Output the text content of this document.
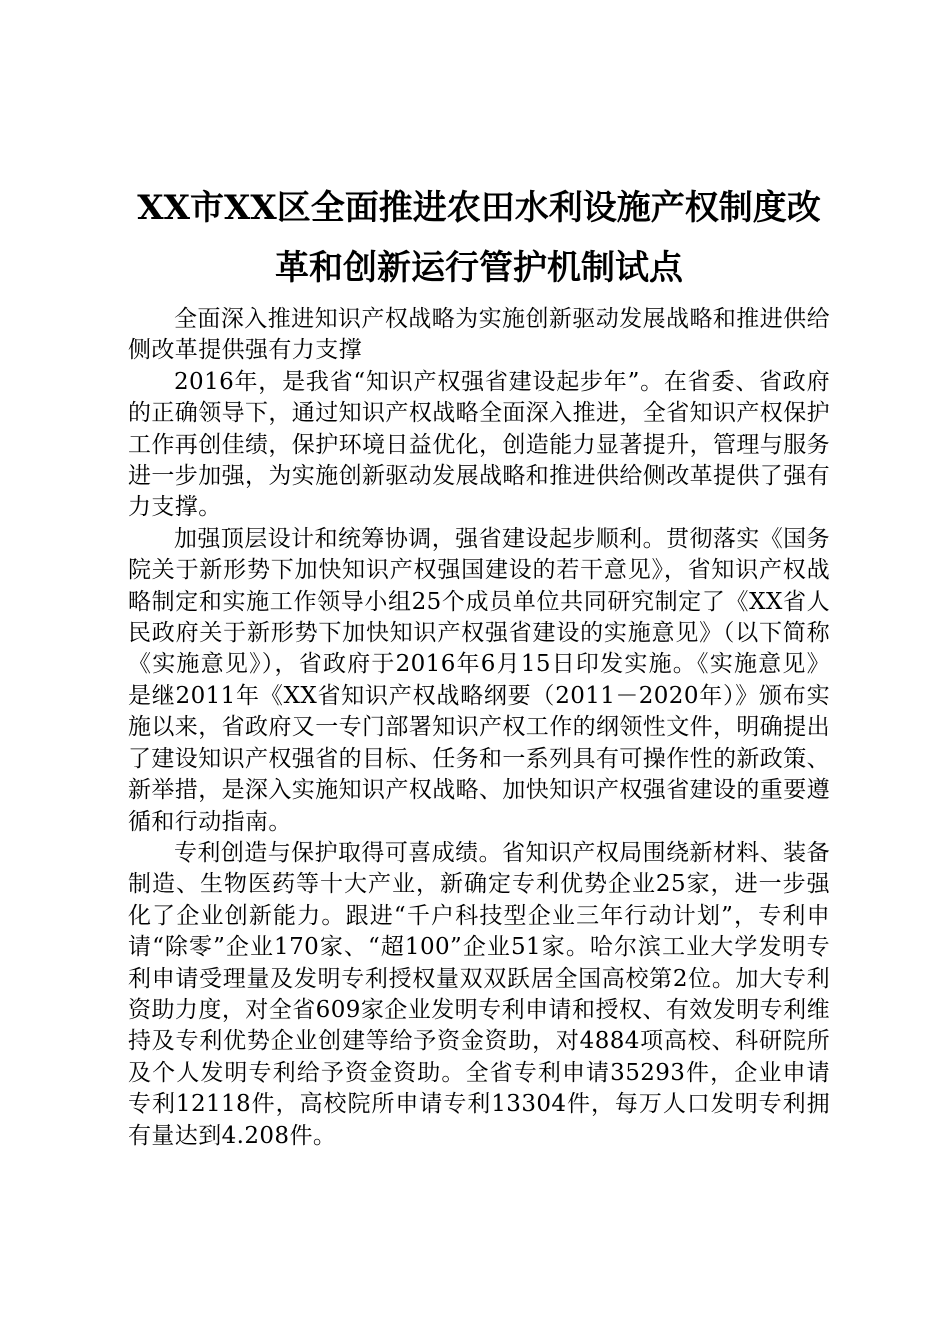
XX市XX区全面推进农田水利设施产权制度改
革和创新运行管护机制试点

全面深入推进知识产权战略为实施创新驱动发展战略和推进供给侧改革提供强有力支撑

2016年，是我省“知识产权强省建设起步年”。在省委、省政府的正确领导下，通过知识产权战略全面深入推进，全省知识产权保护工作再创佳绩，保护环境日益优化，创造能力显著提升，管理与服务进一步加强，为实施创新驱动发展战略和推进供给侧改革提供了强有力支撑。

加强顶层设计和统筹协调，强省建设起步顺利。贯彻落实《国务院关于新形势下加快知识产权强国建设的若干意见》，省知识产权战略制定和实施工作领导小组25个成员单位共同研究制定了《XX省人民政府关于新形势下加快知识产权强省建设的实施意见》（以下简称《实施意见》），省政府于2016年6月15日印发实施。《实施意见》是继2011年《XX省知识产权战略纲要（2011－2020年）》颁布实施以来，省政府又一专门部署知识产权工作的纲领性文件，明确提出了建设知识产权强省的目标、任务和一系列具有可操作性的新政策、新举措，是深入实施知识产权战略、加快知识产权强省建设的重要遵循和行动指南。

专利创造与保护取得可喜成绩。省知识产权局围绕新材料、装备制造、生物医药等十大产业，新确定专利优势企业25家，进一步强化了企业创新能力。跟进“千户科技型企业三年行动计划”，专利申请“除零”企业170家、“超100”企业51家。哈尔滨工业大学发明专利申请受理量及发明专利授权量双双跃居全国高校第2位。加大专利资助力度，对全省609家企业发明专利申请和授权、有效发明专利维持及专利优势企业创建等给予资金资助，对4884项高校、科研院所及个人发明专利给予资金资助。全省专利申请35293件，企业申请专利12118件，高校院所申请专利13304件，每万人口发明专利拥有量达到4.208件。
